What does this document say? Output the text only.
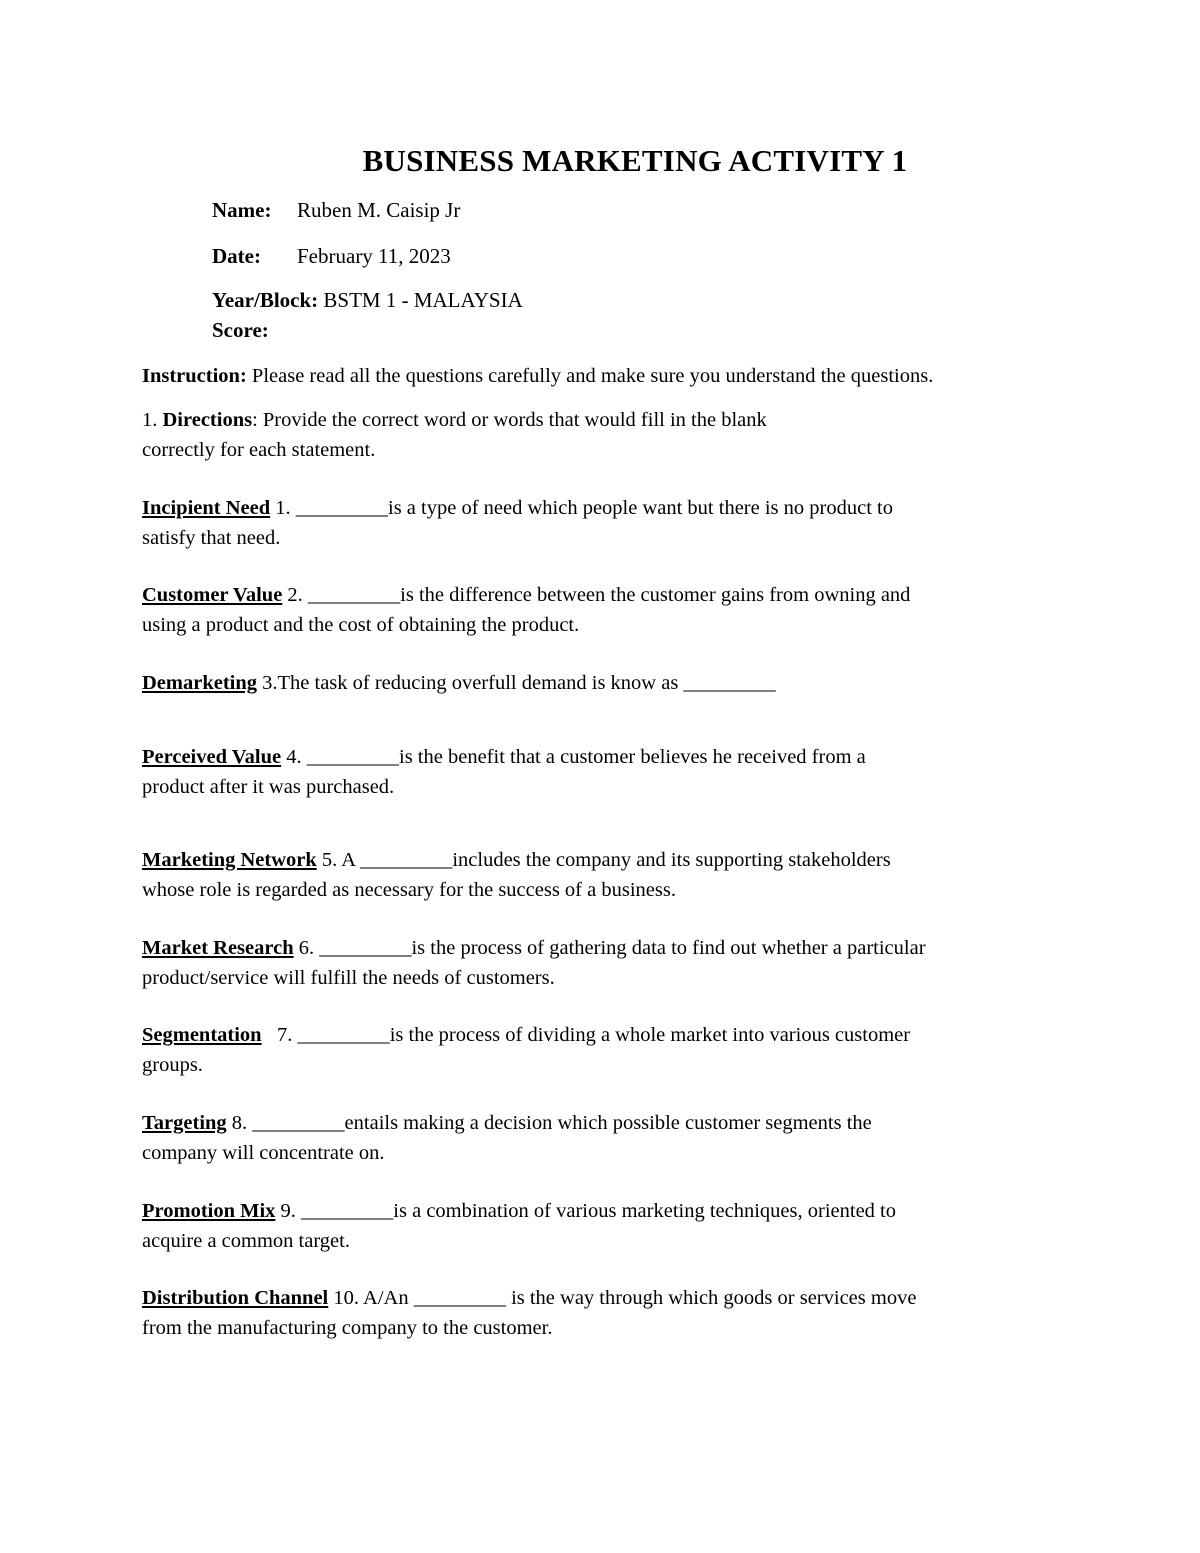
BUSINESS MARKETING ACTIVITY 1
Name: Ruben M. Caisip Jr
Date: February 11, 2023
Year/Block: BSTM 1 - MALAYSIA
Score:
Instruction: Please read all the questions carefully and make sure you understand the questions.
1. Directions: Provide the correct word or words that would fill in the blank
correctly for each statement.
Incipient Need 1. _________is a type of need which people want but there is no product to
satisfy that need.
Customer Value 2. _________is the difference between the customer gains from owning and
using a product and the cost of obtaining the product.
Demarketing 3.The task of reducing overfull demand is know as _________
Perceived Value 4. _________is the benefit that a customer believes he received from a
product after it was purchased.
Marketing Network 5. A _________includes the company and its supporting stakeholders
whose role is regarded as necessary for the success of a business.
Market Research 6. _________is the process of gathering data to find out whether a particular
product/service will fulfill the needs of customers.
Segmentation 7. _________is the process of dividing a whole market into various customer
groups.
Targeting 8. _________entails making a decision which possible customer segments the
company will concentrate on.
Promotion Mix 9. _________is a combination of various marketing techniques, oriented to
acquire a common target.
Distribution Channel 10. A/An _________ is the way through which goods or services move
from the manufacturing company to the customer.
